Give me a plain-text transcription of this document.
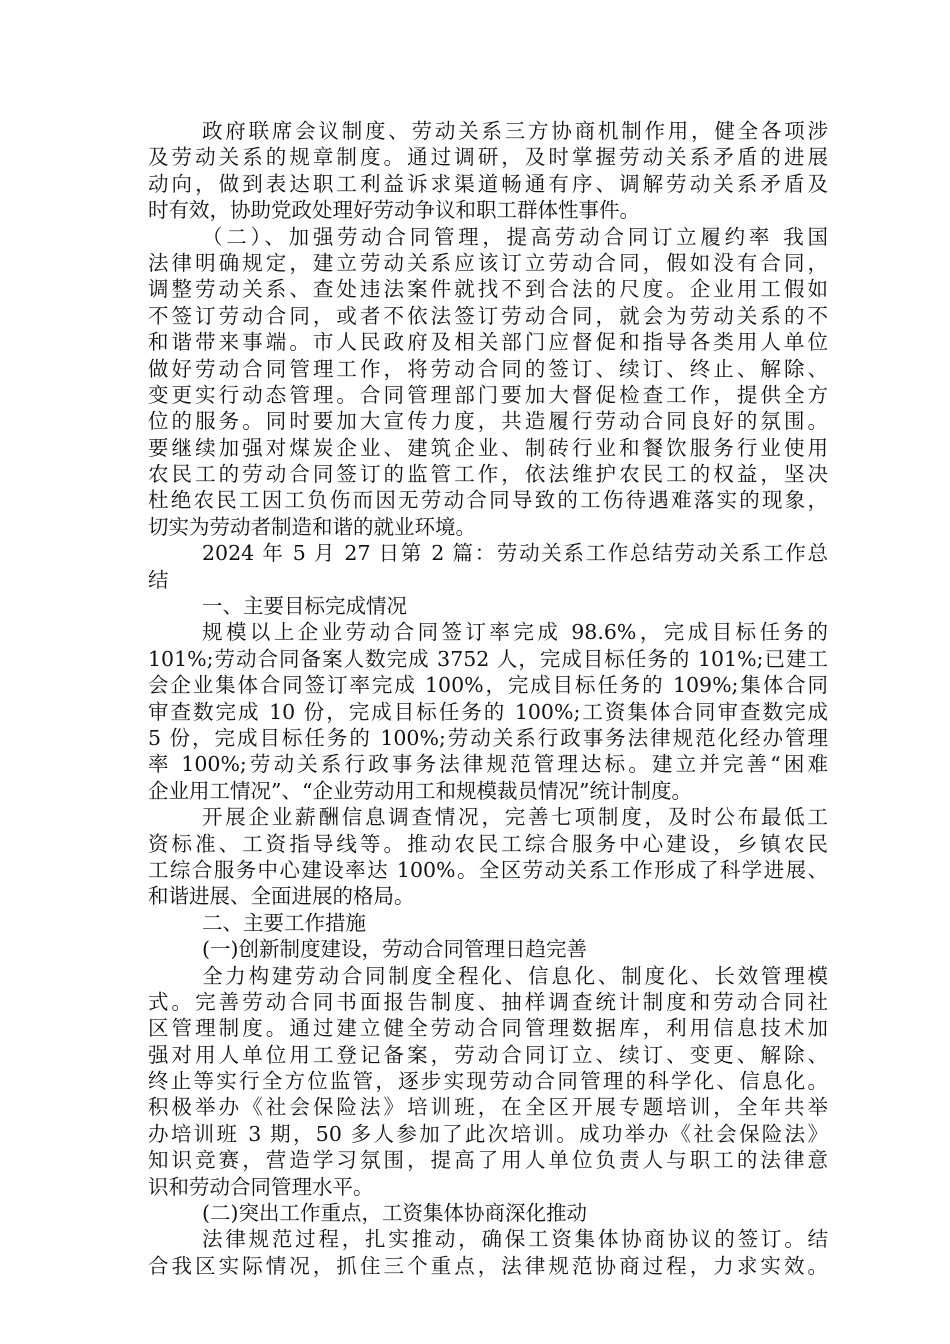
政府联席会议制度、劳动关系三方协商机制作用，健全各项涉
及劳动关系的规章制度。通过调研，及时掌握劳动关系矛盾的进展
动向，做到表达职工利益诉求渠道畅通有序、调解劳动关系矛盾及
时有效，协助党政处理好劳动争议和职工群体性事件。
（二）、加强劳动合同管理，提高劳动合同订立履约率 我国
法律明确规定，建立劳动关系应该订立劳动合同，假如没有合同，
调整劳动关系、查处违法案件就找不到合法的尺度。企业用工假如
不签订劳动合同，或者不依法签订劳动合同，就会为劳动关系的不
和谐带来事端。市人民政府及相关部门应督促和指导各类用人单位
做好劳动合同管理工作，将劳动合同的签订、续订、终止、解除、
变更实行动态管理。合同管理部门要加大督促检查工作，提供全方
位的服务。同时要加大宣传力度，共造履行劳动合同良好的氛围。
要继续加强对煤炭企业、建筑企业、制砖行业和餐饮服务行业使用
农民工的劳动合同签订的监管工作，依法维护农民工的权益，坚决
杜绝农民工因工负伤而因无劳动合同导致的工伤待遇难落实的现象，
切实为劳动者制造和谐的就业环境。
2024 年 5 月 27 日第 2 篇：劳动关系工作总结劳动关系工作总
结
一、主要目标完成情况
规模以上企业劳动合同签订率完成 98.6%，完成目标任务的
101%;劳动合同备案人数完成 3752 人，完成目标任务的 101%;已建工
会企业集体合同签订率完成 100%，完成目标任务的 109%;集体合同
审查数完成 10 份，完成目标任务的 100%;工资集体合同审查数完成
5 份，完成目标任务的 100%;劳动关系行政事务法律规范化经办管理
率 100%;劳动关系行政事务法律规范管理达标。建立并完善“困难
企业用工情况”、“企业劳动用工和规模裁员情况”统计制度。
开展企业薪酬信息调查情况，完善七项制度，及时公布最低工
资标准、工资指导线等。推动农民工综合服务中心建设，乡镇农民
工综合服务中心建设率达 100%。全区劳动关系工作形成了科学进展、
和谐进展、全面进展的格局。
二、主要工作措施
(一)创新制度建设，劳动合同管理日趋完善
全力构建劳动合同制度全程化、信息化、制度化、长效管理模
式。完善劳动合同书面报告制度、抽样调查统计制度和劳动合同社
区管理制度。通过建立健全劳动合同管理数据库，利用信息技术加
强对用人单位用工登记备案，劳动合同订立、续订、变更、解除、
终止等实行全方位监管，逐步实现劳动合同管理的科学化、信息化。
积极举办《社会保险法》培训班，在全区开展专题培训，全年共举
办培训班 3 期，50 多人参加了此次培训。成功举办《社会保险法》
知识竞赛，营造学习氛围，提高了用人单位负责人与职工的法律意
识和劳动合同管理水平。
(二)突出工作重点，工资集体协商深化推动
法律规范过程，扎实推动，确保工资集体协商协议的签订。结
合我区实际情况，抓住三个重点，法律规范协商过程，力求实效。
